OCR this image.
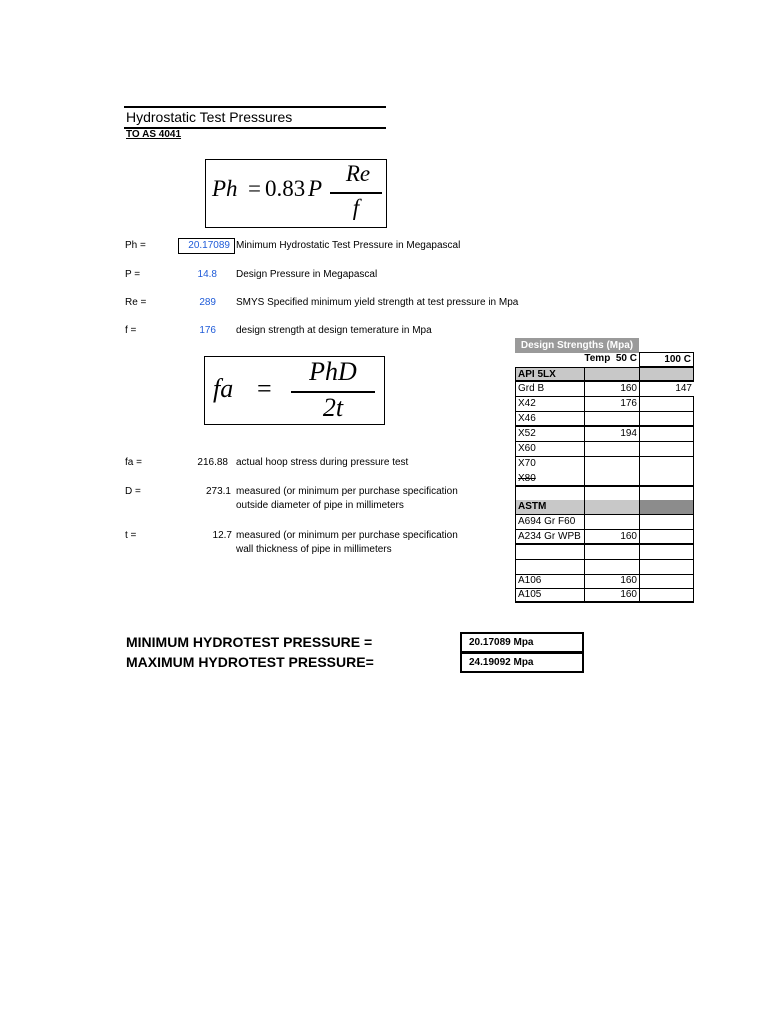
Hydrostatic Test Pressures
TO AS 4041
Ph = 0.83 P
Re
f
Ph =	20.17089 Minimum Hydrostatic Test Pressure in Megapascal
P =	14.8 Design Pressure in Megapascal
Re =	289 SMYS Specified minimum yield strength at test pressure in Mpa
f =	176 design strength at design temerature in Mpa
fa =
PhD
2t
fa =	216.88 actual hoop stress during pressure test
D =	273.1 measured (or minimum per purchase specification
outside diameter of pipe in millimeters
t =	12.7 measured (or minimum per purchase specification
wall thickness of pipe in millimeters
Design Strengths (Mpa)
Temp 50 C	100 C
API 5LX
Grd B	160	147
X42	176
X46
X52	194
X60
X70
X80
ASTM
A694 Gr F60
A234 Gr WPB	160
A106	160
A105	160
MINIMUM HYDROTEST PRESSURE =	20.17089 Mpa
MAXIMUM HYDROTEST PRESSURE=	24.19092 Mpa
